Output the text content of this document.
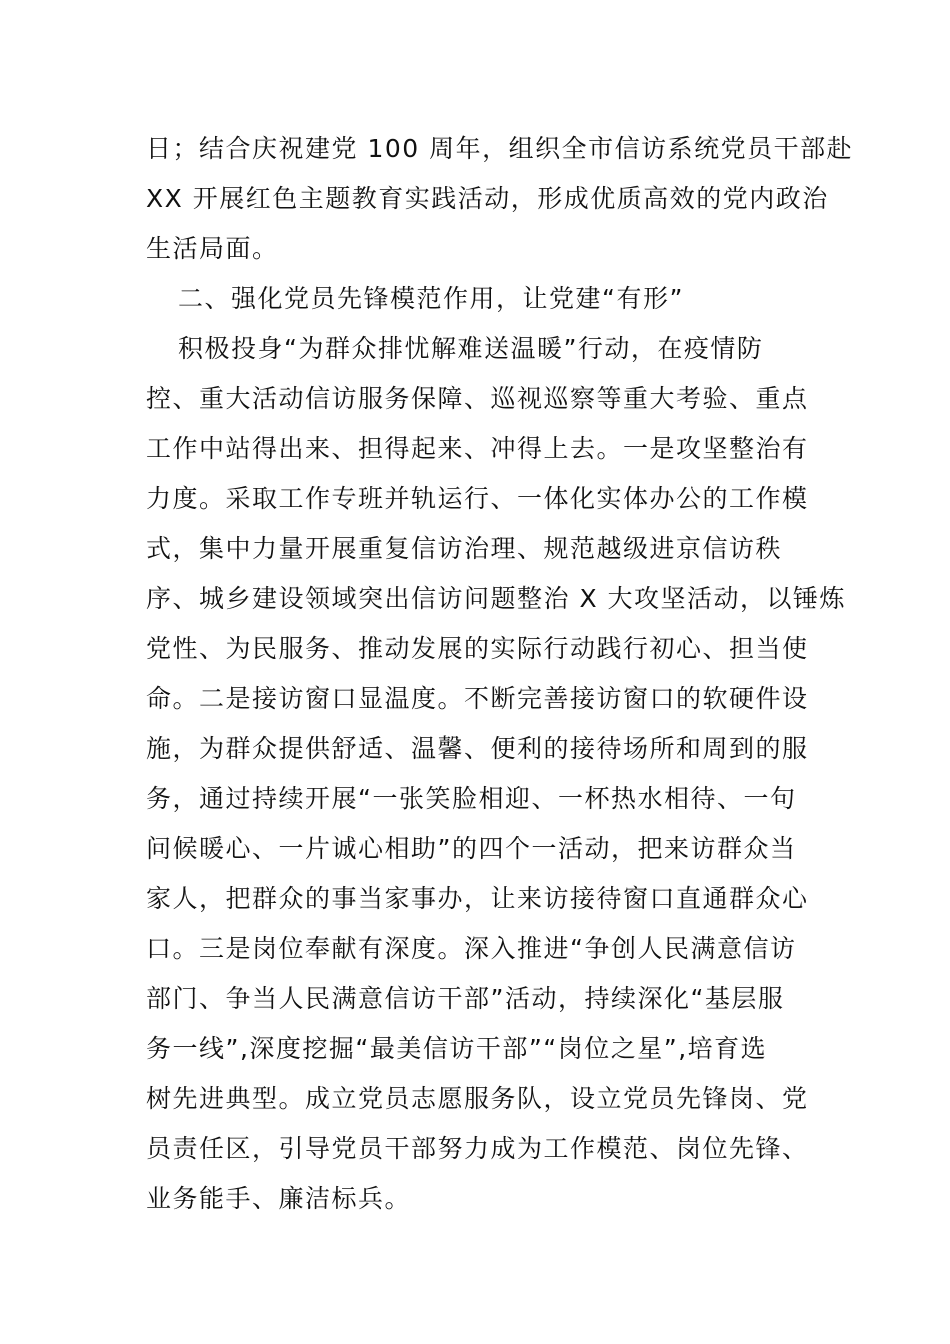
日；结合庆祝建党 100 周年，组织全市信访系统党员干部赴
XX 开展红色主题教育实践活动，形成优质高效的党内政治
生活局面。
二、强化党员先锋模范作用，让党建“有形”
积极投身“为群众排忧解难送温暖”行动，在疫情防
控、重大活动信访服务保障、巡视巡察等重大考验、重点
工作中站得出来、担得起来、冲得上去。一是攻坚整治有
力度。采取工作专班并轨运行、一体化实体办公的工作模
式，集中力量开展重复信访治理、规范越级进京信访秩
序、城乡建设领域突出信访问题整治 X 大攻坚活动，以锤炼
党性、为民服务、推动发展的实际行动践行初心、担当使
命。二是接访窗口显温度。不断完善接访窗口的软硬件设
施，为群众提供舒适、温馨、便利的接待场所和周到的服
务，通过持续开展“一张笑脸相迎、一杯热水相待、一句
问候暖心、一片诚心相助”的四个一活动，把来访群众当
家人，把群众的事当家事办，让来访接待窗口直通群众心
口。三是岗位奉献有深度。深入推进“争创人民满意信访
部门、争当人民满意信访干部”活动，持续深化“基层服
务一线”,深度挖掘“最美信访干部”“岗位之星”,培育选
树先进典型。成立党员志愿服务队，设立党员先锋岗、党
员责任区，引导党员干部努力成为工作模范、岗位先锋、
业务能手、廉洁标兵。
